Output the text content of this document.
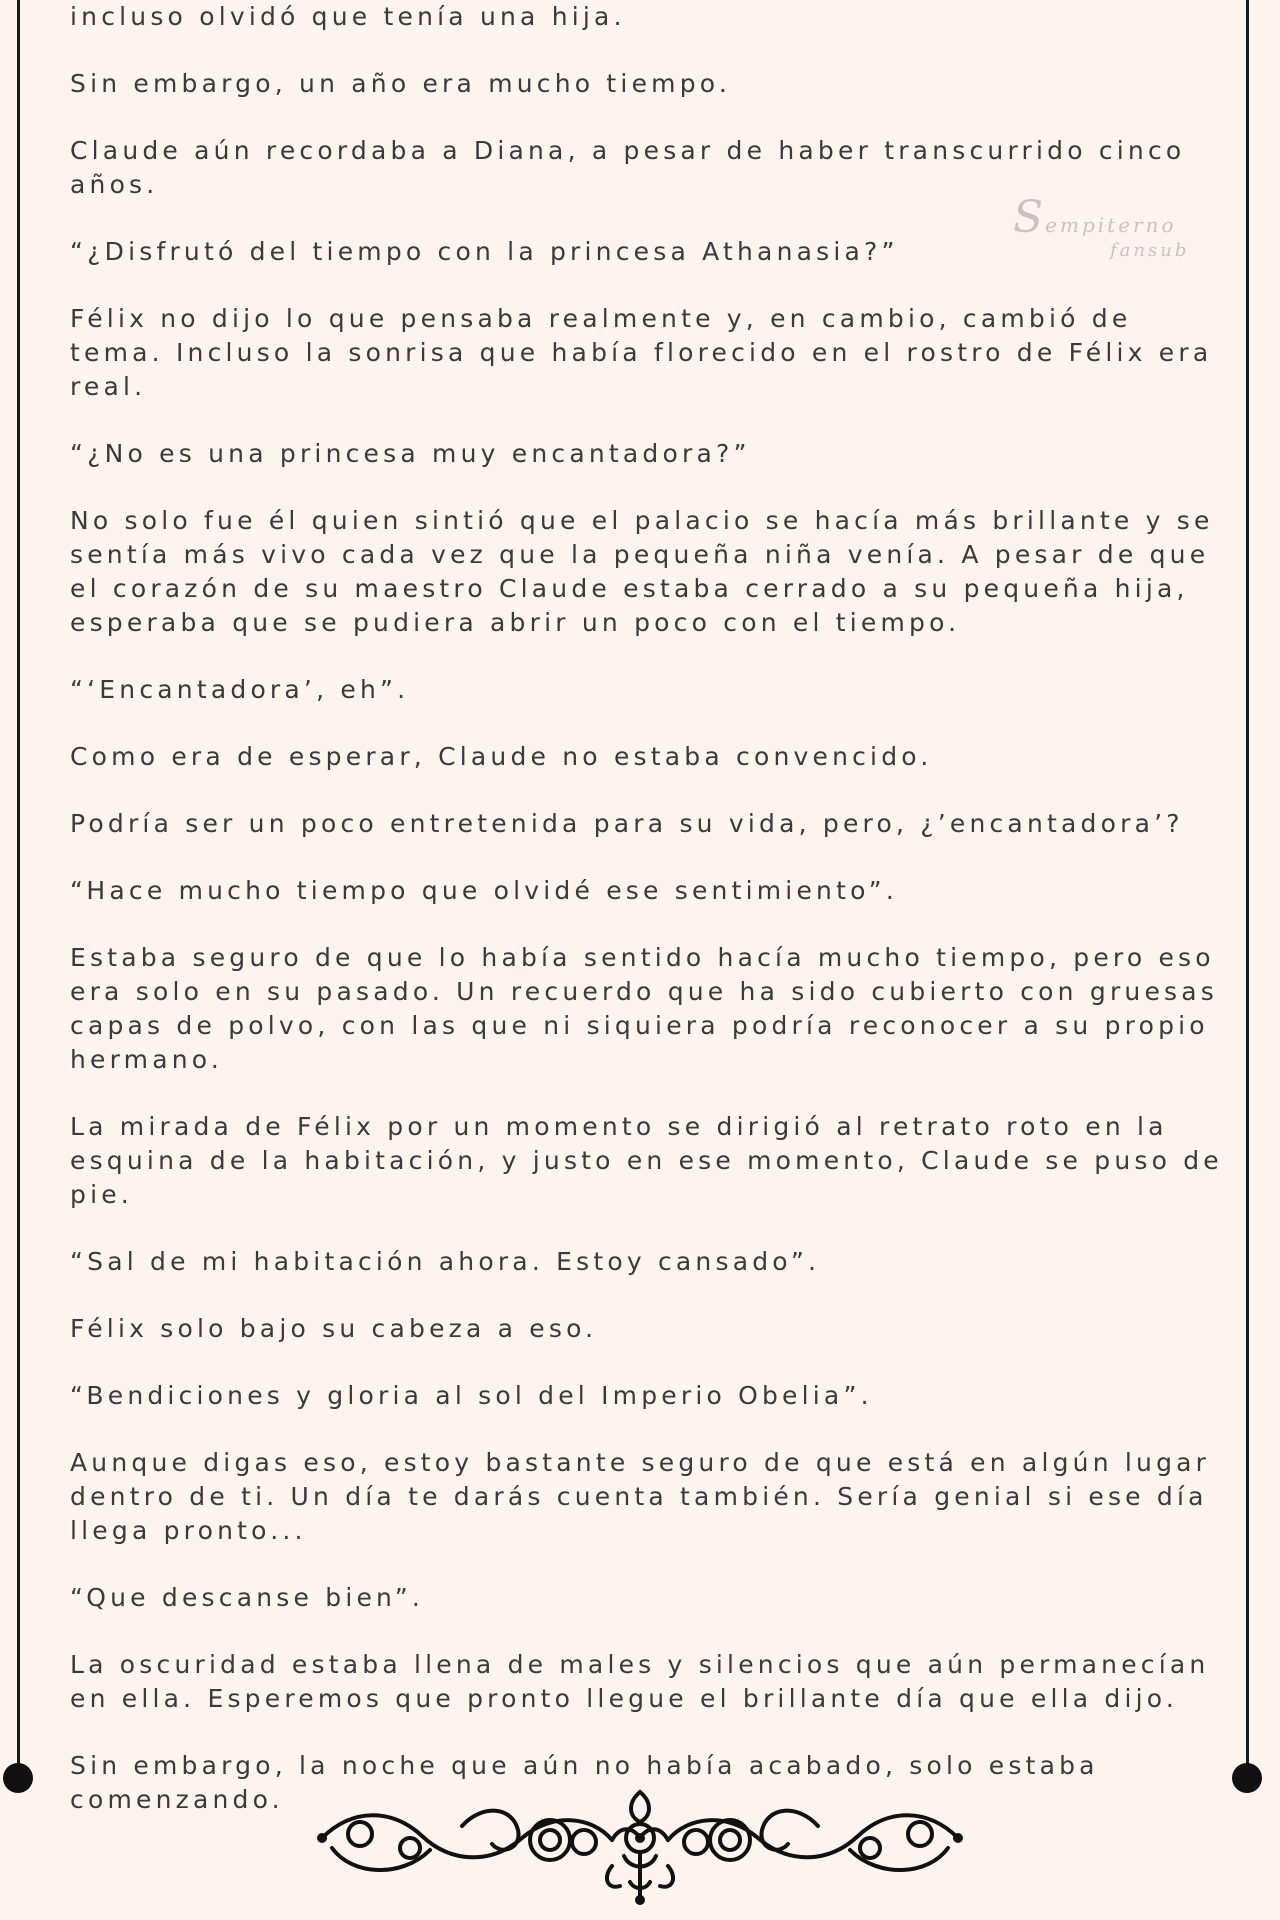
Sempiterno
fansub

incluso olvidó que tenía una hija.

Sin embargo, un año era mucho tiempo.

Claude aún recordaba a Diana, a pesar de haber transcurrido cinco años.

“¿Disfrutó del tiempo con la princesa Athanasia?”

Félix no dijo lo que pensaba realmente y, en cambio, cambió de tema. Incluso la sonrisa que había florecido en el rostro de Félix era real.

“¿No es una princesa muy encantadora?”

No solo fue él quien sintió que el palacio se hacía más brillante y se sentía más vivo cada vez que la pequeña niña venía. A pesar de que el corazón de su maestro Claude estaba cerrado a su pequeña hija, esperaba que se pudiera abrir un poco con el tiempo.

“‘Encantadora’, eh”.

Como era de esperar, Claude no estaba convencido.

Podría ser un poco entretenida para su vida, pero, ¿’encantadora’?

“Hace mucho tiempo que olvidé ese sentimiento”.

Estaba seguro de que lo había sentido hacía mucho tiempo, pero eso era solo en su pasado. Un recuerdo que ha sido cubierto con gruesas capas de polvo, con las que ni siquiera podría reconocer a su propio hermano.

La mirada de Félix por un momento se dirigió al retrato roto en la esquina de la habitación, y justo en ese momento, Claude se puso de pie.

“Sal de mi habitación ahora. Estoy cansado”.

Félix solo bajo su cabeza a eso.

“Bendiciones y gloria al sol del Imperio Obelia”.

Aunque digas eso, estoy bastante seguro de que está en algún lugar dentro de ti. Un día te darás cuenta también. Sería genial si ese día llega pronto...

“Que descanse bien”.

La oscuridad estaba llena de males y silencios que aún permanecían en ella. Esperemos que pronto llegue el brillante día que ella dijo.

Sin embargo, la noche que aún no había acabado, solo estaba comenzando.
